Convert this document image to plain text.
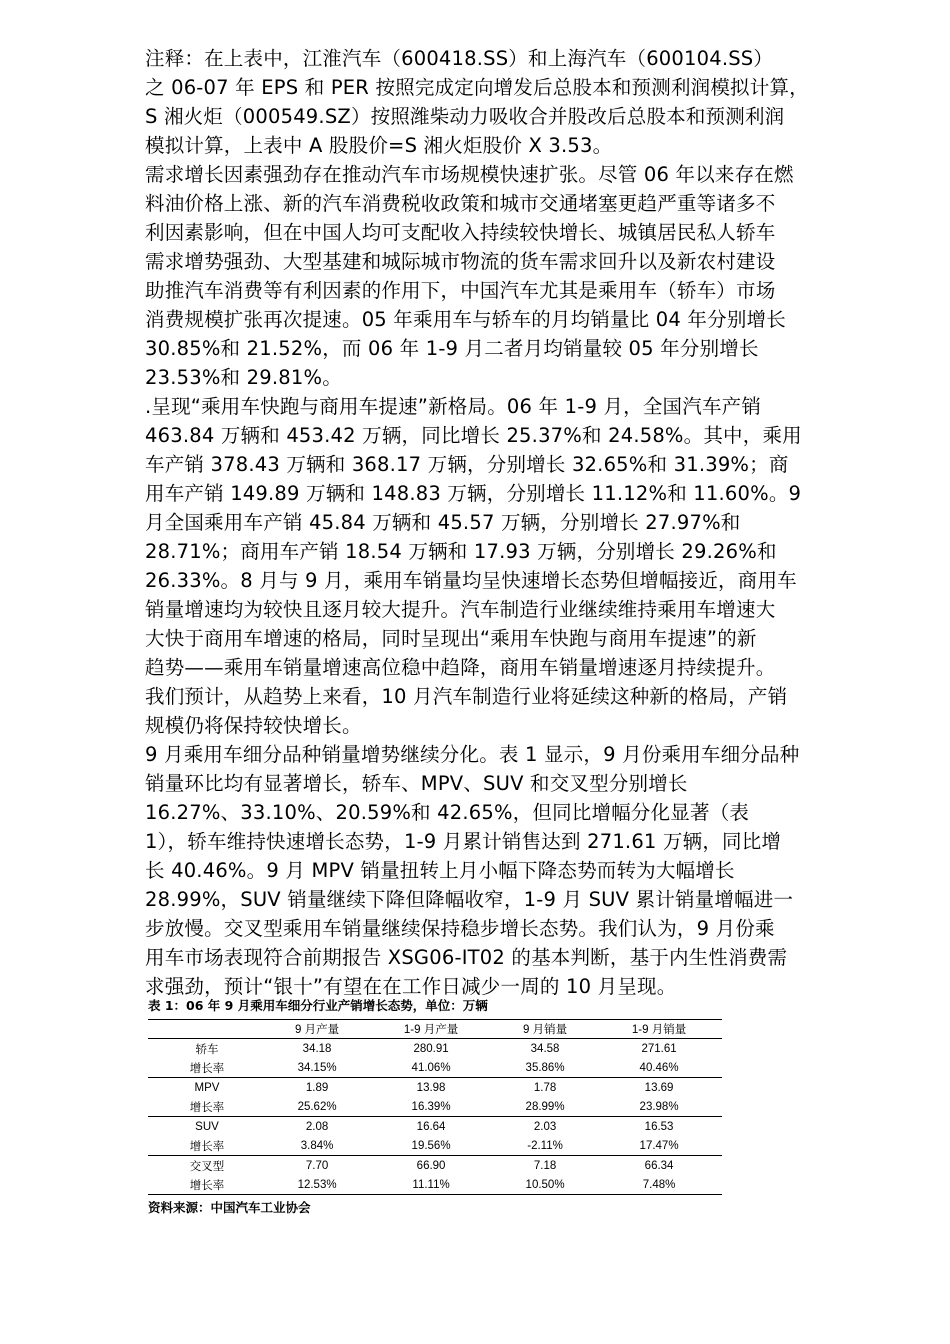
注释：在上表中，江淮汽车（600418.SS）和上海汽车（600104.SS）
之 06-07 年 EPS 和 PER 按照完成定向增发后总股本和预测利润模拟计算，
S 湘火炬（000549.SZ）按照潍柴动力吸收合并股改后总股本和预测利润
模拟计算，上表中 A 股股价=S 湘火炬股价 X 3.53。

需求增长因素强劲存在推动汽车市场规模快速扩张。尽管 06 年以来存在燃
料油价格上涨、新的汽车消费税收政策和城市交通堵塞更趋严重等诸多不
利因素影响，但在中国人均可支配收入持续较快增长、城镇居民私人轿车
需求增势强劲、大型基建和城际城市物流的货车需求回升以及新农村建设
助推汽车消费等有利因素的作用下，中国汽车尤其是乘用车（轿车）市场
消费规模扩张再次提速。05 年乘用车与轿车的月均销量比 04 年分别增长
30.85%和 21.52%，而 06 年 1-9 月二者月均销量较 05 年分别增长
23.53%和 29.81%。

.呈现“乘用车快跑与商用车提速”新格局。06 年 1-9 月，全国汽车产销
463.84 万辆和 453.42 万辆，同比增长 25.37%和 24.58%。其中，乘用
车产销 378.43 万辆和 368.17 万辆，分别增长 32.65%和 31.39%；商
用车产销 149.89 万辆和 148.83 万辆，分别增长 11.12%和 11.60%。9
月全国乘用车产销 45.84 万辆和 45.57 万辆，分别增长 27.97%和
28.71%；商用车产销 18.54 万辆和 17.93 万辆，分别增长 29.26%和
26.33%。8 月与 9 月，乘用车销量均呈快速增长态势但增幅接近，商用车
销量增速均为较快且逐月较大提升。汽车制造行业继续维持乘用车增速大
大快于商用车增速的格局，同时呈现出“乘用车快跑与商用车提速”的新
趋势——乘用车销量增速高位稳中趋降，商用车销量增速逐月持续提升。
我们预计，从趋势上来看，10 月汽车制造行业将延续这种新的格局，产销
规模仍将保持较快增长。

9 月乘用车细分品种销量增势继续分化。表 1 显示，9 月份乘用车细分品种
销量环比均有显著增长，轿车、MPV、SUV 和交叉型分别增长
16.27%、33.10%、20.59%和 42.65%，但同比增幅分化显著（表
1），轿车维持快速增长态势，1-9 月累计销售达到 271.61 万辆，同比增
长 40.46%。9 月 MPV 销量扭转上月小幅下降态势而转为大幅增长
28.99%，SUV 销量继续下降但降幅收窄，1-9 月 SUV 累计销量增幅进一
步放慢。交叉型乘用车销量继续保持稳步增长态势。我们认为，9 月份乘
用车市场表现符合前期报告 XSG06-IT02 的基本判断，基于内生性消费需
求强劲，预计“银十”有望在在工作日减少一周的 10 月呈现。

表 1：06 年 9 月乘用车细分行业产销增长态势，单位：万辆
	9 月产量	1-9 月产量	9 月销量	1-9 月销量
轿车	34.18	280.91	34.58	271.61
增长率	34.15%	41.06%	35.86%	40.46%
MPV	1.89	13.98	1.78	13.69
增长率	25.62%	16.39%	28.99%	23.98%
SUV	2.08	16.64	2.03	16.53
增长率	3.84%	19.56%	-2.11%	17.47%
交叉型	7.70	66.90	7.18	66.34
增长率	12.53%	11.11%	10.50%	7.48%
资料来源：中国汽车工业协会
